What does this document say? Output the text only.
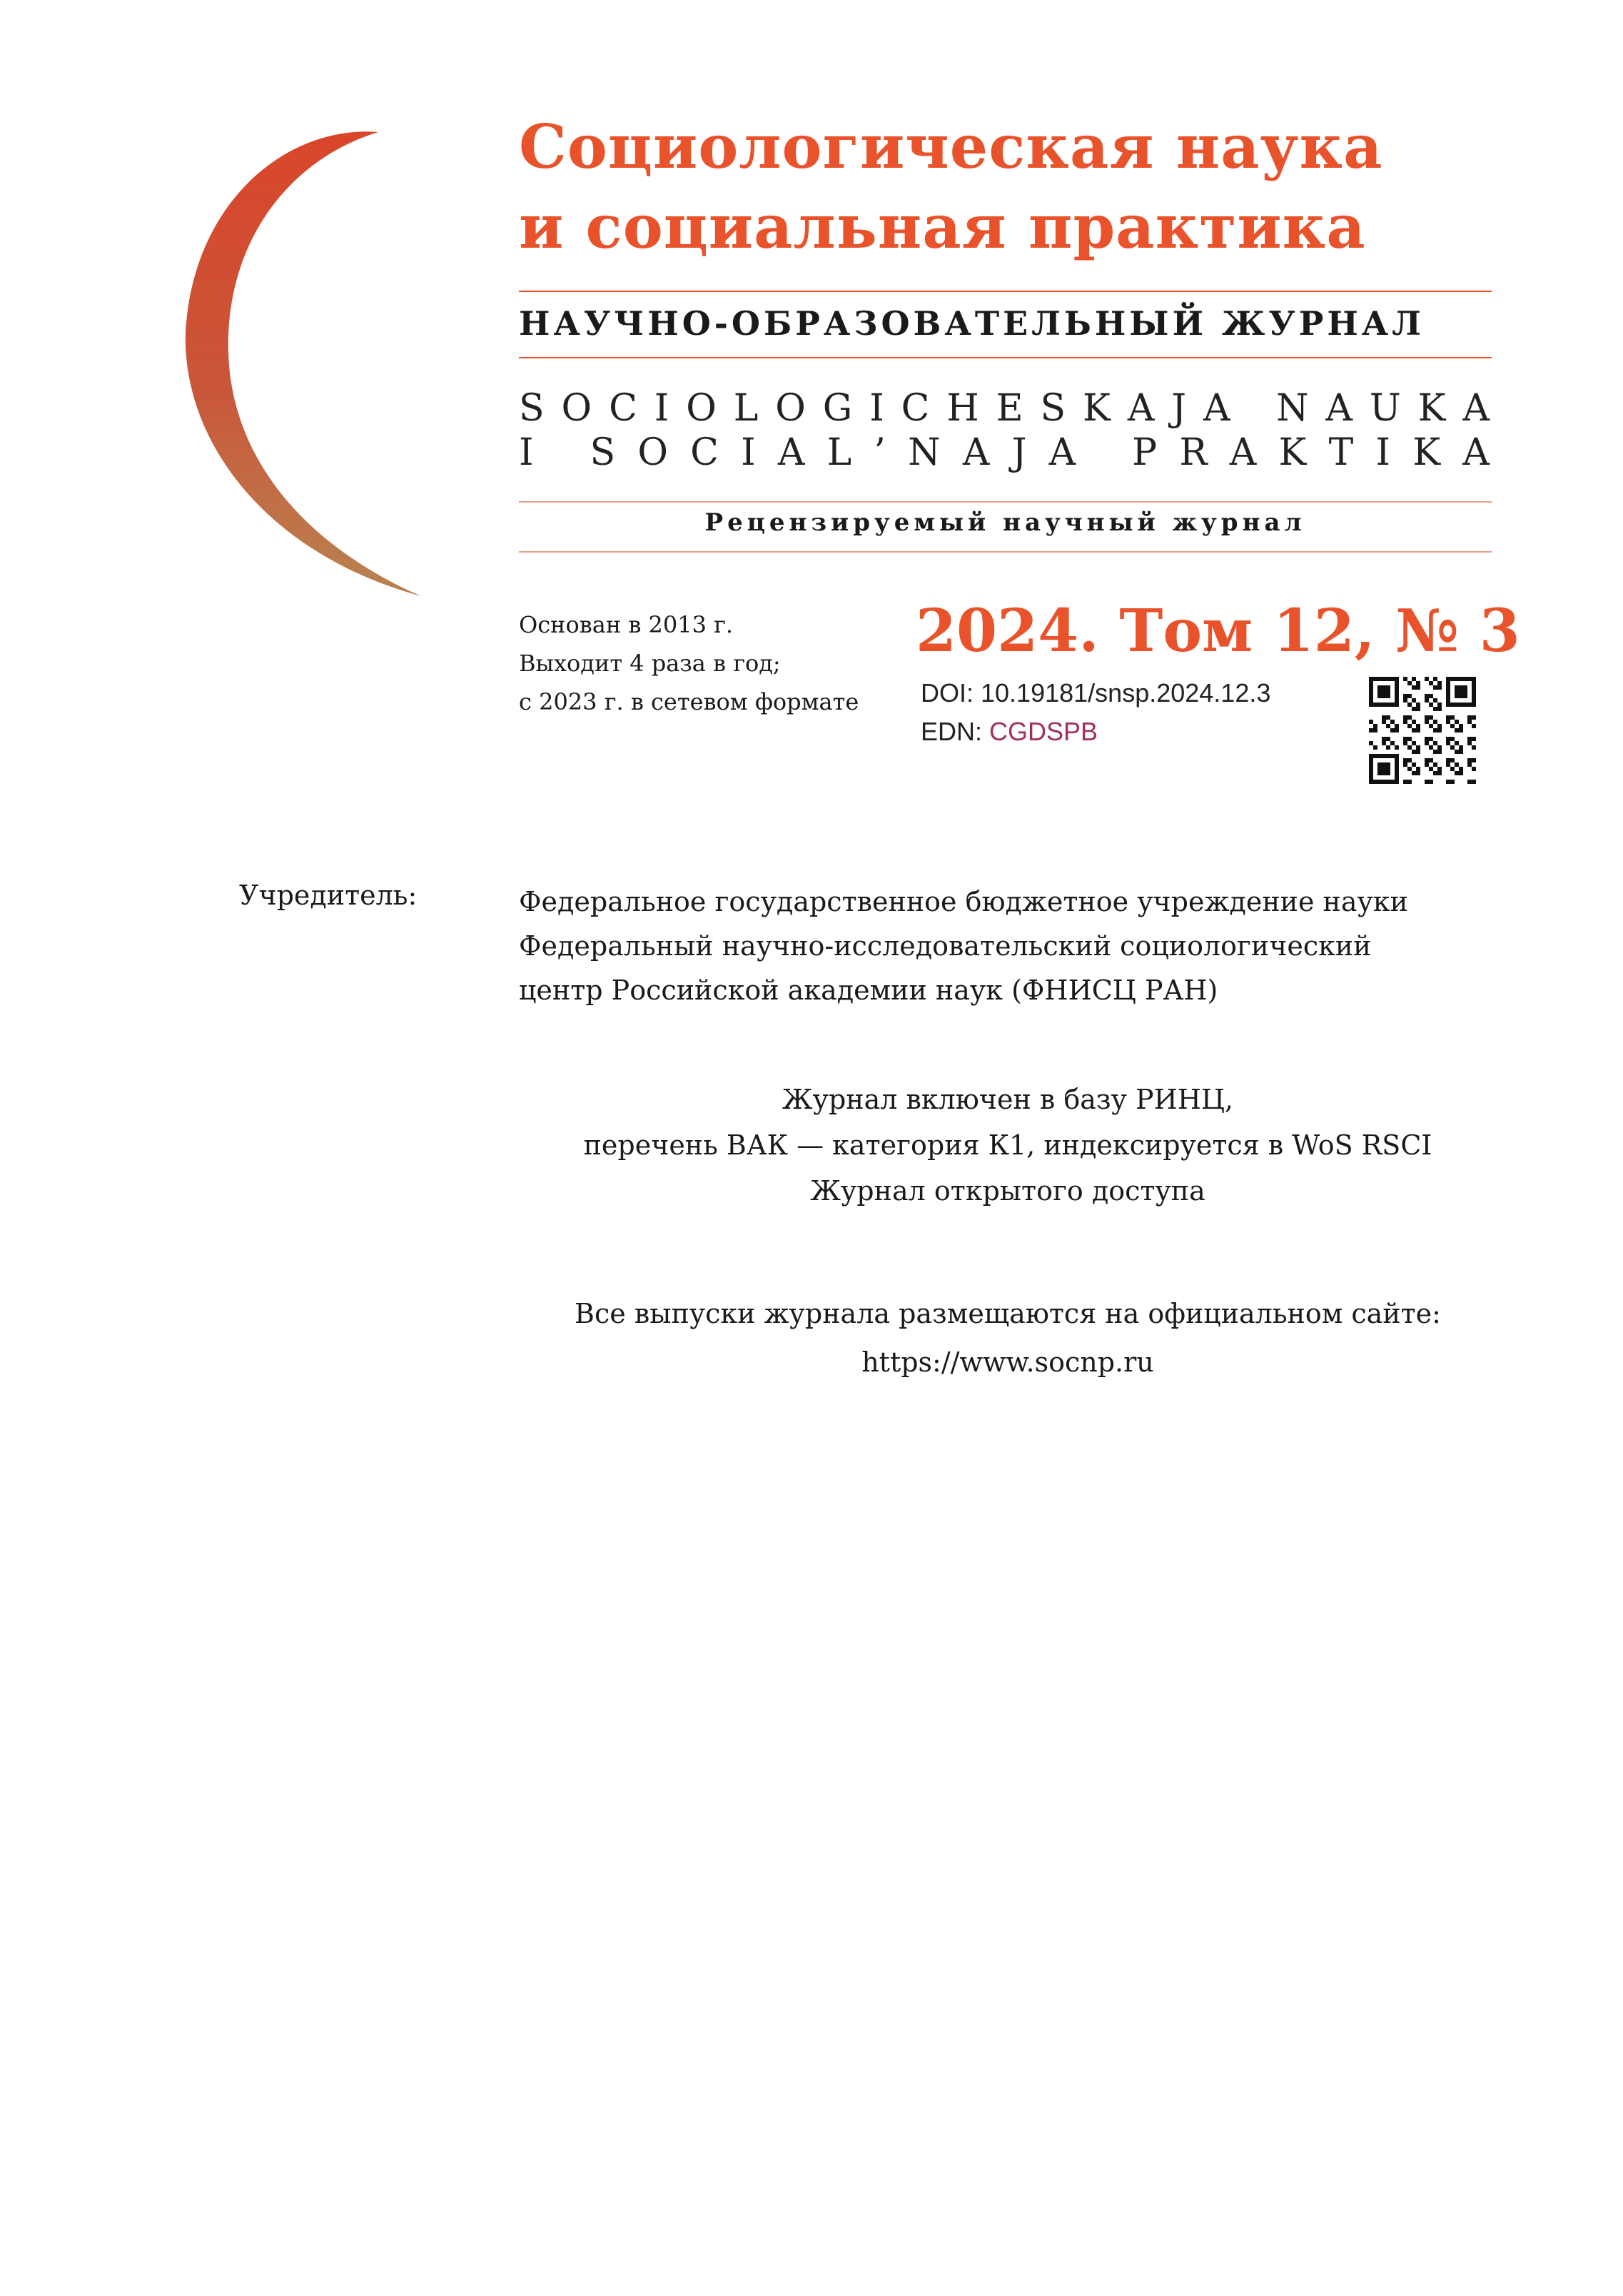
Социологическая наука
и социальная практика
НАУЧНО-ОБРАЗОВАТЕЛЬНЫЙ ЖУРНАЛ
S O C I O L O G I C H E S K A J A
N A U K A
I
S O C I A L ’ N A J A
P R A K T I K A
Рецензируемый научный журнал
Основан в 2013 г.
Выходит 4 раза в год;
с 2023 г. в сетевом формате
2024. Том 12, № 3
DOI: 10.19181/snsp.2024.12.3
EDN: CGDSPB
Учредитель:	Федеральное государственное бюджетное учреждение науки
Федеральный научно-исследовательский социологический
центр Российской академии наук (ФНИСЦ РАН)
Журнал включен в базу РИНЦ,
перечень ВАК — категория К1, индексируется в WoS RSCI
Журнал открытого доступа
Все выпуски журнала размещаются на официальном сайте:
https://www.socnp.ru
